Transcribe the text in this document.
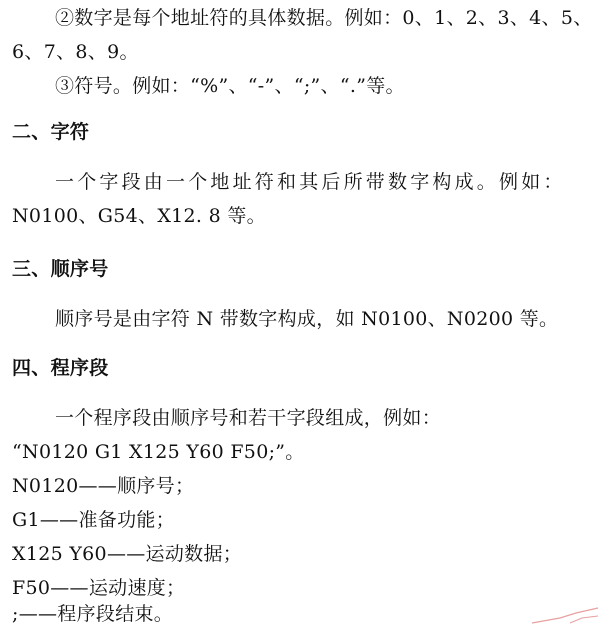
②数字是每个地址符的具体数据。例如：0、1、2、3、4、5、
6、7、8、9。
③符号。例如：“%”、“-”、“;”、“.”等。
二、字符
一个字段由一个地址符和其后所带数字构成。例如：
N0100、G54、X12. 8 等。
三、顺序号
顺序号是由字符 N 带数字构成，如 N0100、N0200 等。
四、程序段
一个程序段由顺序号和若干字段组成，例如：
“N0120 G1 X125 Y60 F50;”。
N0120——顺序号；
G1——准备功能；
X125 Y60——运动数据；
F50——运动速度；
;——程序段结束。
